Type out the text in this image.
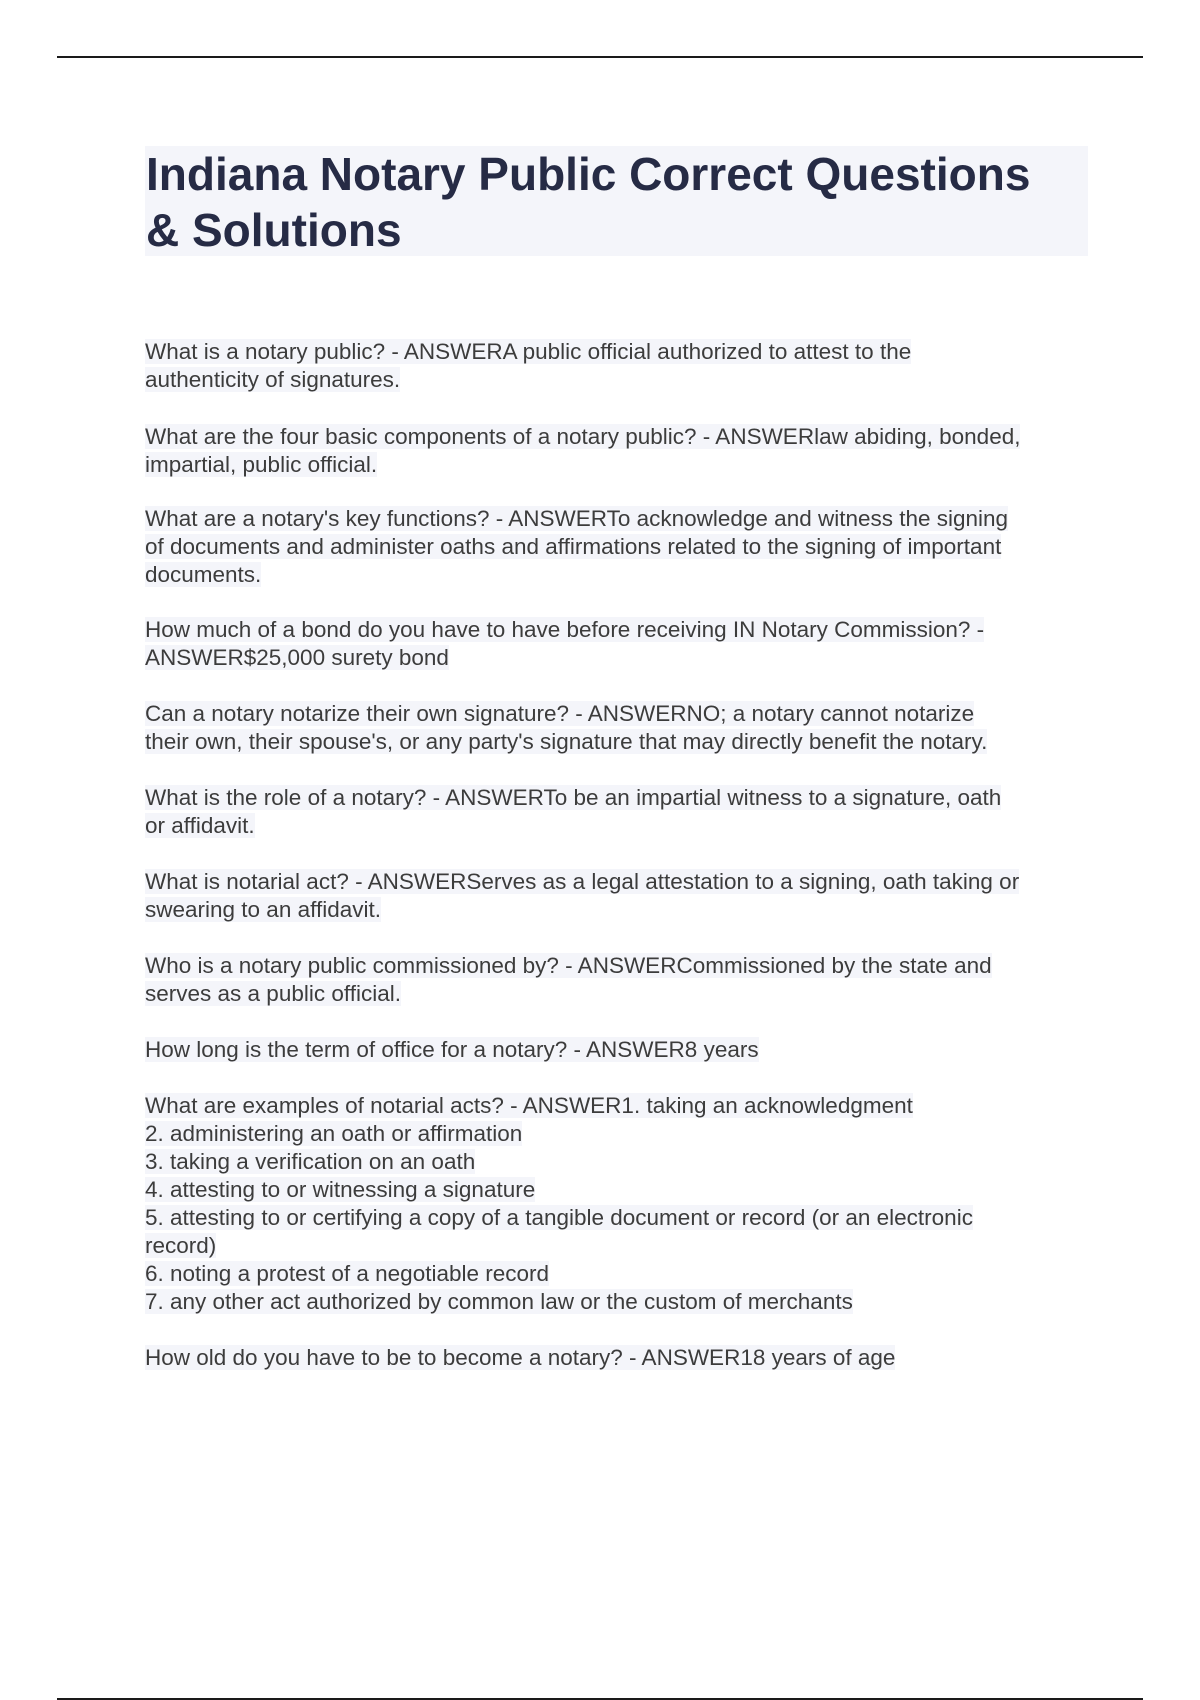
Indiana Notary Public Correct Questions
& Solutions
What is a notary public? - ANSWERA public official authorized to attest to the
authenticity of signatures.
What are the four basic components of a notary public? - ANSWERlaw abiding, bonded,
impartial, public official.
What are a notary's key functions? - ANSWERTo acknowledge and witness the signing
of documents and administer oaths and affirmations related to the signing of important
documents.
How much of a bond do you have to have before receiving IN Notary Commission? -
ANSWER$25,000 surety bond
Can a notary notarize their own signature? - ANSWERNO; a notary cannot notarize
their own, their spouse's, or any party's signature that may directly benefit the notary.
What is the role of a notary? - ANSWERTo be an impartial witness to a signature, oath
or affidavit.
What is notarial act? - ANSWERServes as a legal attestation to a signing, oath taking or
swearing to an affidavit.
Who is a notary public commissioned by? - ANSWERCommissioned by the state and
serves as a public official.
How long is the term of office for a notary? - ANSWER8 years
What are examples of notarial acts? - ANSWER1. taking an acknowledgment
2. administering an oath or affirmation
3. taking a verification on an oath
4. attesting to or witnessing a signature
5. attesting to or certifying a copy of a tangible document or record (or an electronic
record)
6. noting a protest of a negotiable record
7. any other act authorized by common law or the custom of merchants
How old do you have to be to become a notary? - ANSWER18 years of age
